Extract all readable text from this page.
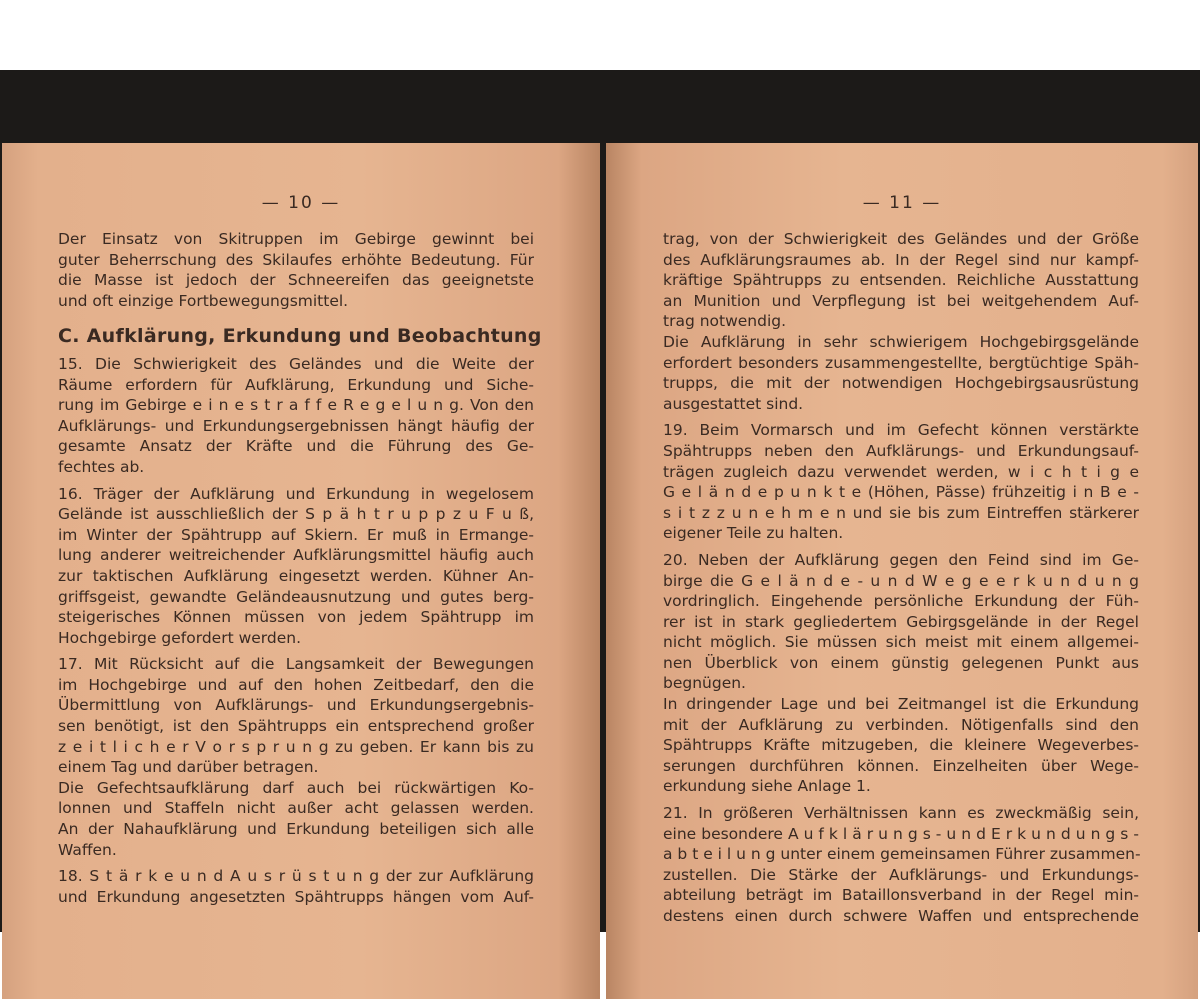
— 10 —
Der Einsatz von Skitruppen im Gebirge gewinnt bei
guter Beherrschung des Skilaufes erhöhte Bedeutung. Für
die Masse ist jedoch der Schneereifen das geeignetste
und oft einzige Fortbewegungsmittel.
C. Aufklärung, Erkundung und Beobachtung
15. Die Schwierigkeit des Geländes und die Weite der
Räume erfordern für Aufklärung, Erkundung und Siche-
rung im Gebirge e i n e s t r a f f e R e g e l u n g. Von den
Aufklärungs- und Erkundungsergebnissen hängt häufig der
gesamte Ansatz der Kräfte und die Führung des Ge-
fechtes ab.
16. Träger der Aufklärung und Erkundung in wegelosem
Gelände ist ausschließlich der S p ä h t r u p p z u F u ß,
im Winter der Spähtrupp auf Skiern. Er muß in Ermange-
lung anderer weitreichender Aufklärungsmittel häufig auch
zur taktischen Aufklärung eingesetzt werden. Kühner An-
griffsgeist, gewandte Geländeausnutzung und gutes berg-
steigerisches Können müssen von jedem Spähtrupp im
Hochgebirge gefordert werden.
17. Mit Rücksicht auf die Langsamkeit der Bewegungen
im Hochgebirge und auf den hohen Zeitbedarf, den die
Übermittlung von Aufklärungs- und Erkundungsergebnis-
sen benötigt, ist den Spähtrupps ein entsprechend großer
z e i t l i c h e r V o r s p r u n g zu geben. Er kann bis zu
einem Tag und darüber betragen.
Die Gefechtsaufklärung darf auch bei rückwärtigen Ko-
lonnen und Staffeln nicht außer acht gelassen werden.
An der Nahaufklärung und Erkundung beteiligen sich alle
Waffen.
18. S t ä r k e u n d A u s r ü s t u n g der zur Aufklärung
und Erkundung angesetzten Spähtrupps hängen vom Auf-
— 11 —
trag, von der Schwierigkeit des Geländes und der Größe
des Aufklärungsraumes ab. In der Regel sind nur kampf-
kräftige Spähtrupps zu entsenden. Reichliche Ausstattung
an Munition und Verpflegung ist bei weitgehendem Auf-
trag notwendig.
Die Aufklärung in sehr schwierigem Hochgebirgsgelände
erfordert besonders zusammengestellte, bergtüchtige Späh-
trupps, die mit der notwendigen Hochgebirgsausrüstung
ausgestattet sind.
19. Beim Vormarsch und im Gefecht können verstärkte
Spähtrupps neben den Aufklärungs- und Erkundungsauf-
trägen zugleich dazu verwendet werden, w i c h t i g e
G e l ä n d e p u n k t e (Höhen, Pässe) frühzeitig i n B e -
s i t z z u n e h m e n und sie bis zum Eintreffen stärkerer
eigener Teile zu halten.
20. Neben der Aufklärung gegen den Feind sind im Ge-
birge die G e l ä n d e - u n d W e g e e r k u n d u n g
vordringlich. Eingehende persönliche Erkundung der Füh-
rer ist in stark gegliedertem Gebirgsgelände in der Regel
nicht möglich. Sie müssen sich meist mit einem allgemei-
nen Überblick von einem günstig gelegenen Punkt aus
begnügen.
In dringender Lage und bei Zeitmangel ist die Erkundung
mit der Aufklärung zu verbinden. Nötigenfalls sind den
Spähtrupps Kräfte mitzugeben, die kleinere Wegeverbes-
serungen durchführen können. Einzelheiten über Wege-
erkundung siehe Anlage 1.
21. In größeren Verhältnissen kann es zweckmäßig sein,
eine besondere A u f k l ä r u n g s - u n d E r k u n d u n g s -
a b t e i l u n g unter einem gemeinsamen Führer zusammen-
zustellen. Die Stärke der Aufklärungs- und Erkundungs-
abteilung beträgt im Bataillonsverband in der Regel min-
destens einen durch schwere Waffen und entsprechende
